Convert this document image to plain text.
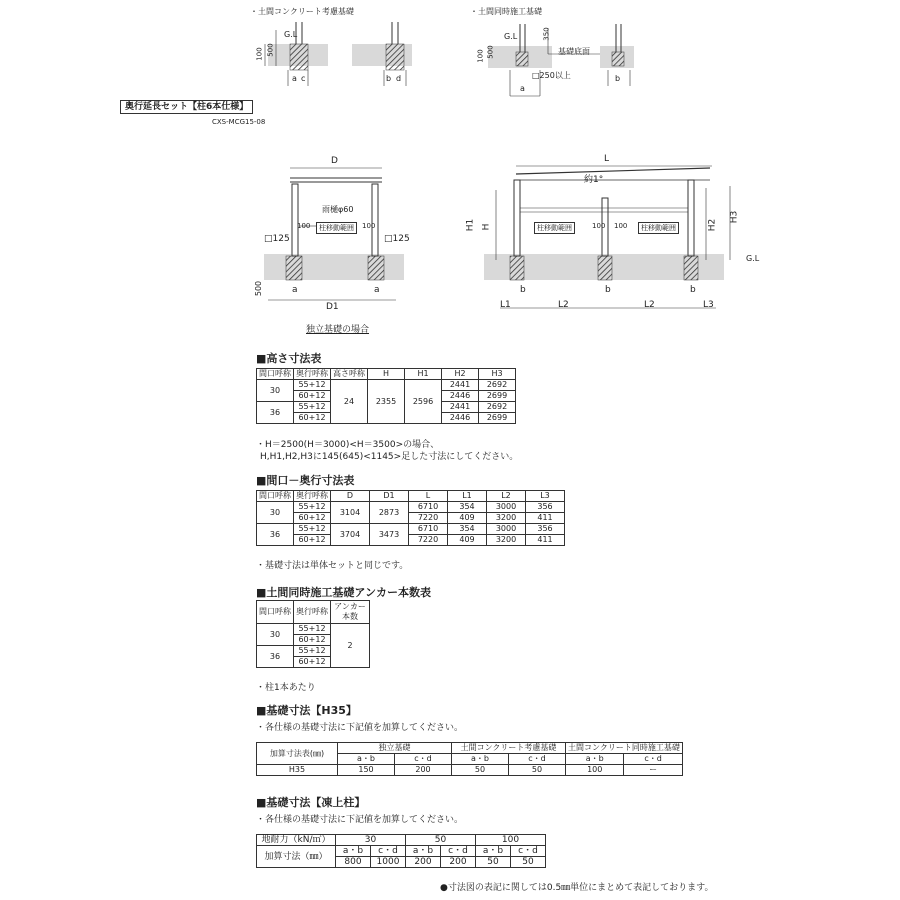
・土間コンクリート考慮基礎	・土間同時施工基礎
G.L	G.L
100 500	100 500
350
基礎底面
□250以上
a c	b d
a
b
奥行延長セット【柱6本仕様】
CXS-MCG15-08
D
雨樋φ60
100	柱移動範囲	100
□125	□125
500	a	a
D1
独立基礎の場合
L
約1°
H1 H	H2
H3
G.L
柱移動範囲	100 100	柱移動範囲
b	b	b
L1	L2	L2	L3
■高さ寸法表
間口呼称	奥行呼称	高さ呼称	H	H1	H2	H3
30	55+12	24	2355	2596	2441	2692
	60+12				2446	2699
36	55+12				2441	2692
	60+12				2446	2699
・H＝2500(H＝3000)<H＝3500>の場合、
H,H1,H2,H3に145(645)<1145>足した寸法にしてください。
■間口－奥行寸法表
間口呼称	奥行呼称	D	D1	L	L1	L2	L3
30	55+12	3104	2873	6710	354	3000	356
	60+12			7220	409	3200	411
36	55+12	3704	3473	6710	354	3000	356
	60+12			7220	409	3200	411
・基礎寸法は単体セットと同じです。
■土間同時施工基礎アンカー本数表
間口呼称	奥行呼称	アンカー本数
30	55+12	2
	60+12	
36	55+12	
	60+12	
・柱1本あたり
■基礎寸法【H35】
・各仕様の基礎寸法に下記値を加算してください。
加算寸法表(㎜)	独立基礎		土間コンクリート考慮基礎		土間コンクリート同時施工基礎	
	a・b	c・d	a・b	c・d	a・b	c・d
H35	150	200	50	50	100	ー
■基礎寸法【凍上柱】
・各仕様の基礎寸法に下記値を加算してください。
地耐力（kN/㎡）	30		50		100	
加算寸法（㎜）	a・b	c・d	a・b	c・d	a・b	c・d
	800	1000	200	200	50	50
●寸法図の表記に関しては0.5㎜単位にまとめて表記しております。
